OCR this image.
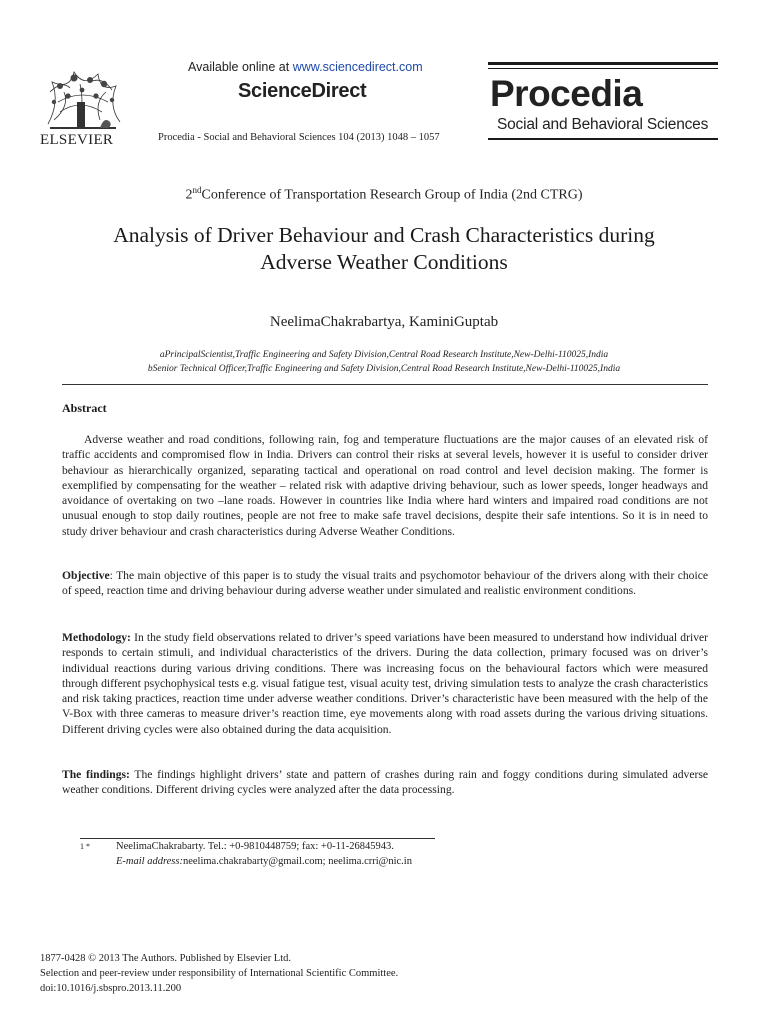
ELSEVIER
Available online at www.sciencedirect.com
ScienceDirect
Procedia - Social and Behavioral Sciences 104 (2013) 1048 – 1057
Procedia
Social and Behavioral Sciences
2ndConference of Transportation Research Group of India (2nd CTRG)
Analysis of Driver Behaviour and Crash Characteristics during
Adverse Weather Conditions
NeelimaChakrabartya, KaminiGuptab
aPrincipalScientist,Traffic Engineering and Safety Division,Central Road Research Institute,New-Delhi-110025,India
bSenior Technical Officer,Traffic Engineering and Safety Division,Central Road Research Institute,New-Delhi-110025,India
Abstract
Adverse weather and road conditions, following rain, fog and temperature fluctuations are the major causes of an elevated risk of traffic accidents and compromised flow in India. Drivers can control their risks at several levels, however it is useful to consider driver behaviour as hierarchically organized, separating tactical and operational on road control and level decision making. The former is exemplified by compensating for the weather – related risk with adaptive driving behaviour, such as lower speeds, longer headways and avoidance of overtaking on two –lane roads. However in countries like India where hard winters and impaired road conditions are not unusual enough to stop daily routines, people are not free to make safe travel decisions, despite their safe intentions. So it is in need to study driver behaviour and crash characteristics during Adverse Weather Conditions.
Objective: The main objective of this paper is to study the visual traits and psychomotor behaviour of the drivers along with their choice of speed, reaction time and driving behaviour during adverse weather under simulated and realistic environment conditions.
Methodology: In the study field observations related to driver’s speed variations have been measured to understand how individual driver responds to certain stimuli, and individual characteristics of the drivers. During the data collection, primary focused was on driver’s individual reactions during various driving conditions. There was increasing focus on the behavioural factors which were measured through different psychophysical tests e.g. visual fatigue test, visual acuity test, driving simulation tests to analyze the crash characteristics and risk taking practices, reaction time under adverse weather conditions. Driver’s characteristic have been measured with the help of the V-Box with three cameras to measure driver’s reaction time, eye movements along with road assets during the various driving situations. Different driving cycles were also obtained during the data acquisition.
The findings: The findings highlight drivers’ state and pattern of crashes during rain and foggy conditions during simulated adverse weather conditions. Different driving cycles were analyzed after the data processing.
1 * NeelimaChakrabarty. Tel.: +0-9810448759; fax: +0-11-26845943.
E-mail address:neelima.chakrabarty@gmail.com; neelima.crri@nic.in
1877-0428 © 2013 The Authors. Published by Elsevier Ltd.
Selection and peer-review under responsibility of International Scientific Committee.
doi:10.1016/j.sbspro.2013.11.200
